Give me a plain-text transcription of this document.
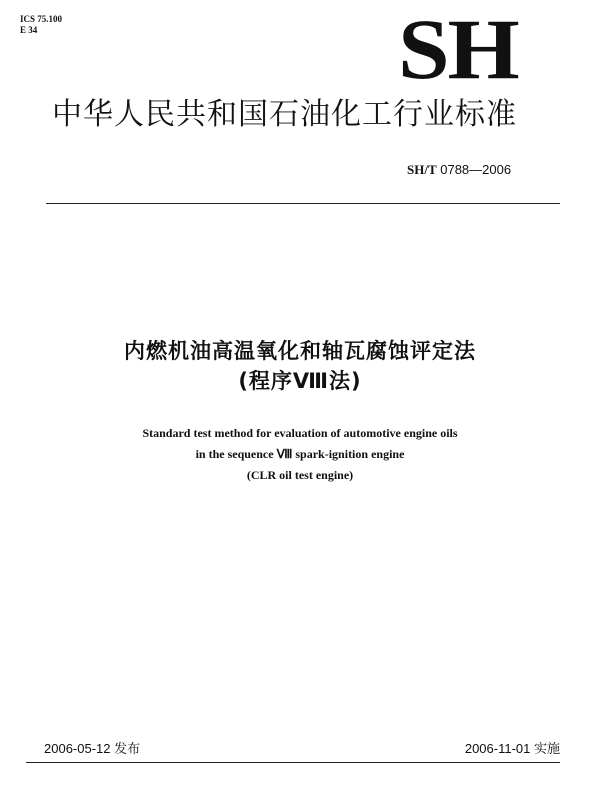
ICS 75.100
E 34	SH
中华人民共和国石油化工行业标准
SH/T 0788—2006
内燃机油高温氧化和轴瓦腐蚀评定法
(程序Ⅷ法)
Standard test method for evaluation of automotive engine oils
in the sequence Ⅷ spark-ignition engine
(CLR oil test engine)
2006-05-12 发布	2006-11-01 实施
